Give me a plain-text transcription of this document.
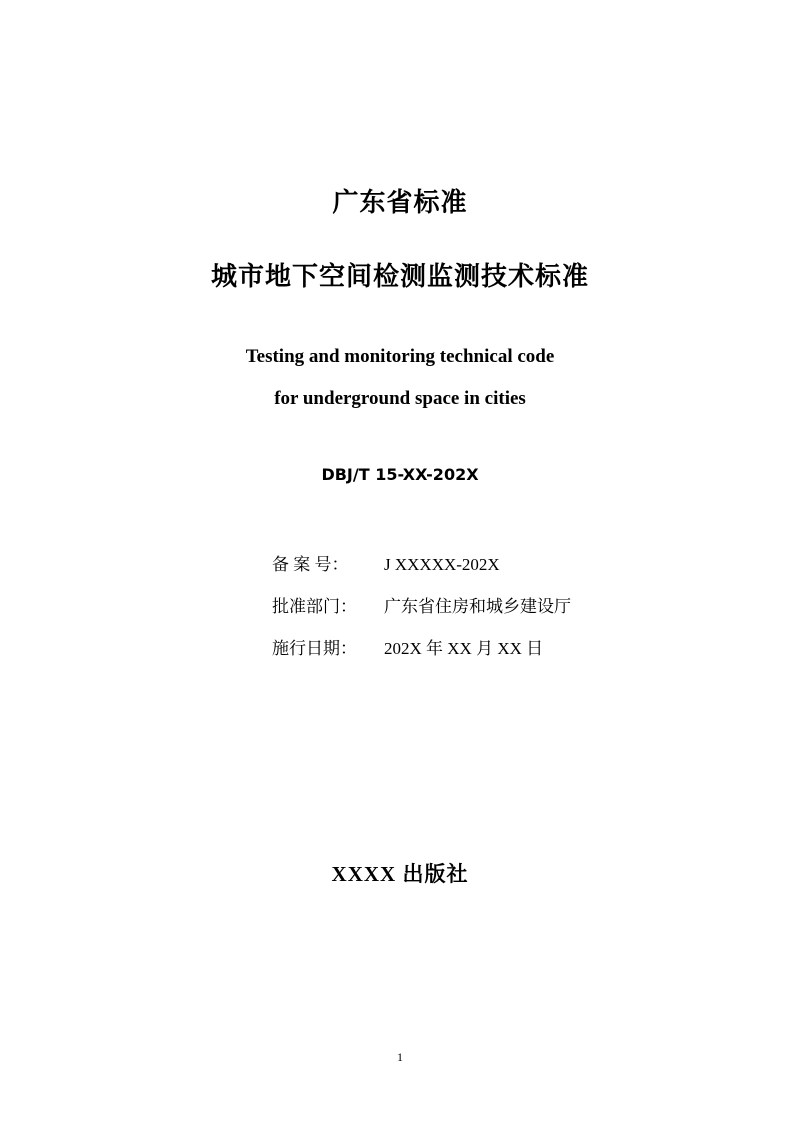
广东省标准
城市地下空间检测监测技术标准
Testing and monitoring technical code
for underground space in cities
DBJ/T 15-XX-202X
备 案 号：	J XXXXX-202X
批准部门：	广东省住房和城乡建设厅
施行日期：	202X 年 XX 月 XX 日
XXXX 出版社
1
